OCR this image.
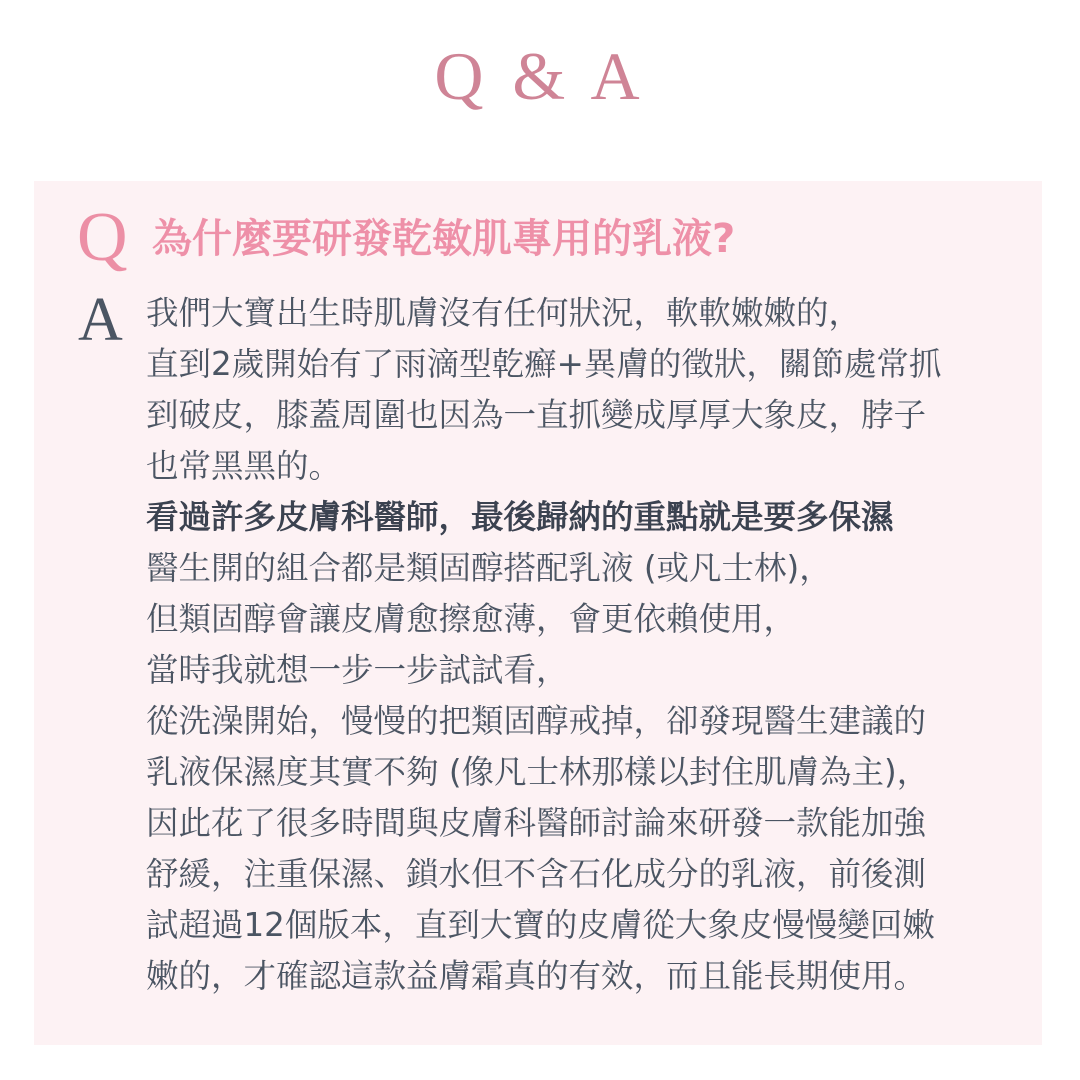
Q & A
Q 為什麼要研發乾敏肌專用的乳液?
A 我們大寶出生時肌膚沒有任何狀況，軟軟嫩嫩的，
直到2歲開始有了雨滴型乾癬+異膚的徵狀，關節處常抓
到破皮，膝蓋周圍也因為一直抓變成厚厚大象皮，脖子
也常黑黑的。
看過許多皮膚科醫師，最後歸納的重點就是要多保濕
醫生開的組合都是類固醇搭配乳液 (或凡士林)，
但類固醇會讓皮膚愈擦愈薄，會更依賴使用，
當時我就想一步一步試試看，
從洗澡開始，慢慢的把類固醇戒掉，卻發現醫生建議的
乳液保濕度其實不夠 (像凡士林那樣以封住肌膚為主)，
因此花了很多時間與皮膚科醫師討論來研發一款能加強
舒緩，注重保濕、鎖水但不含石化成分的乳液，前後測
試超過12個版本，直到大寶的皮膚從大象皮慢慢變回嫩
嫩的，才確認這款益膚霜真的有效，而且能長期使用。
